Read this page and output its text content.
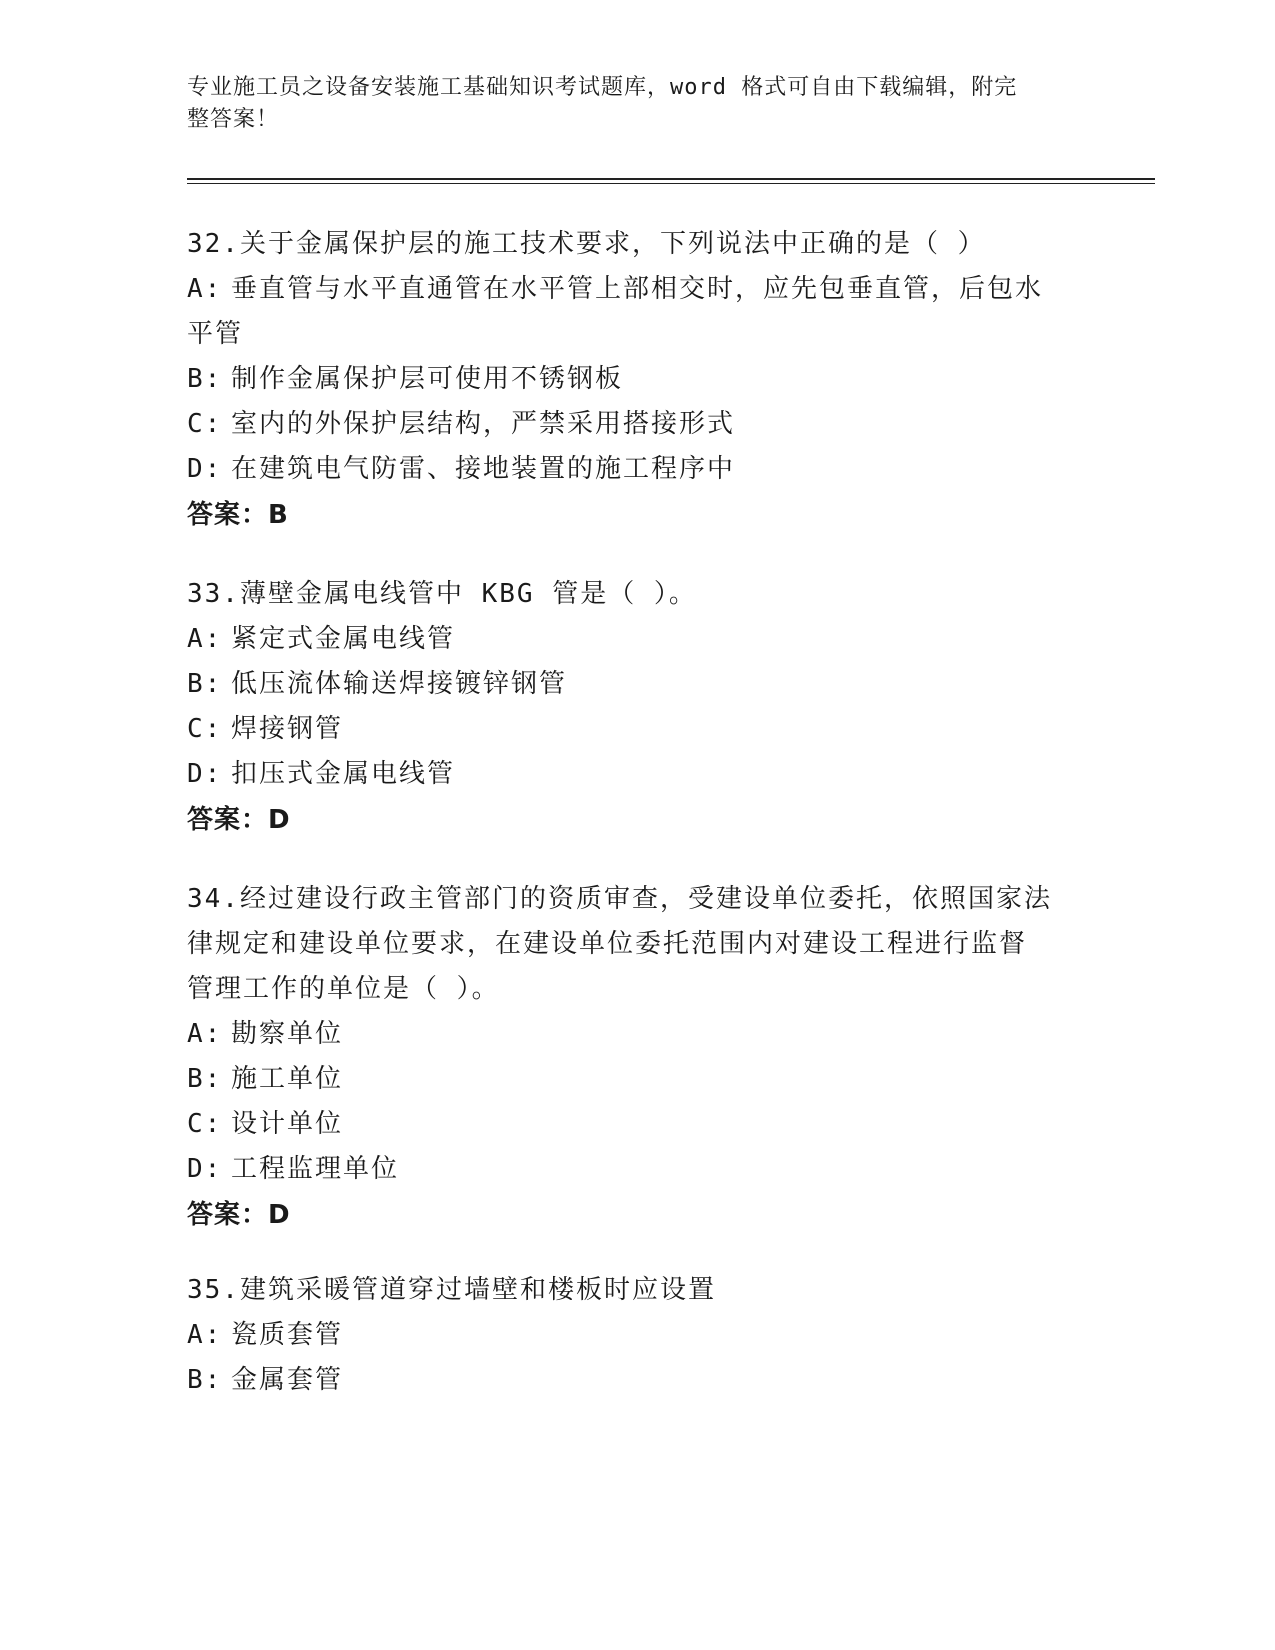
专业施工员之设备安装施工基础知识考试题库，word 格式可自由下载编辑，附完
整答案！

32.关于金属保护层的施工技术要求，下列说法中正确的是（ ）

A: 垂直管与水平直通管在水平管上部相交时，应先包垂直管，后包水

平管

B: 制作金属保护层可使用不锈钢板

C: 室内的外保护层结构，严禁采用搭接形式

D: 在建筑电气防雷、接地装置的施工程序中

答案：B

33.薄壁金属电线管中 KBG 管是（ ）。

A: 紧定式金属电线管

B: 低压流体输送焊接镀锌钢管

C: 焊接钢管

D: 扣压式金属电线管

答案：D

34.经过建设行政主管部门的资质审查，受建设单位委托，依照国家法

律规定和建设单位要求，在建设单位委托范围内对建设工程进行监督

管理工作的单位是（ ）。

A: 勘察单位

B: 施工单位

C: 设计单位

D: 工程监理单位

答案：D

35.建筑采暖管道穿过墙壁和楼板时应设置

A: 瓷质套管

B: 金属套管
